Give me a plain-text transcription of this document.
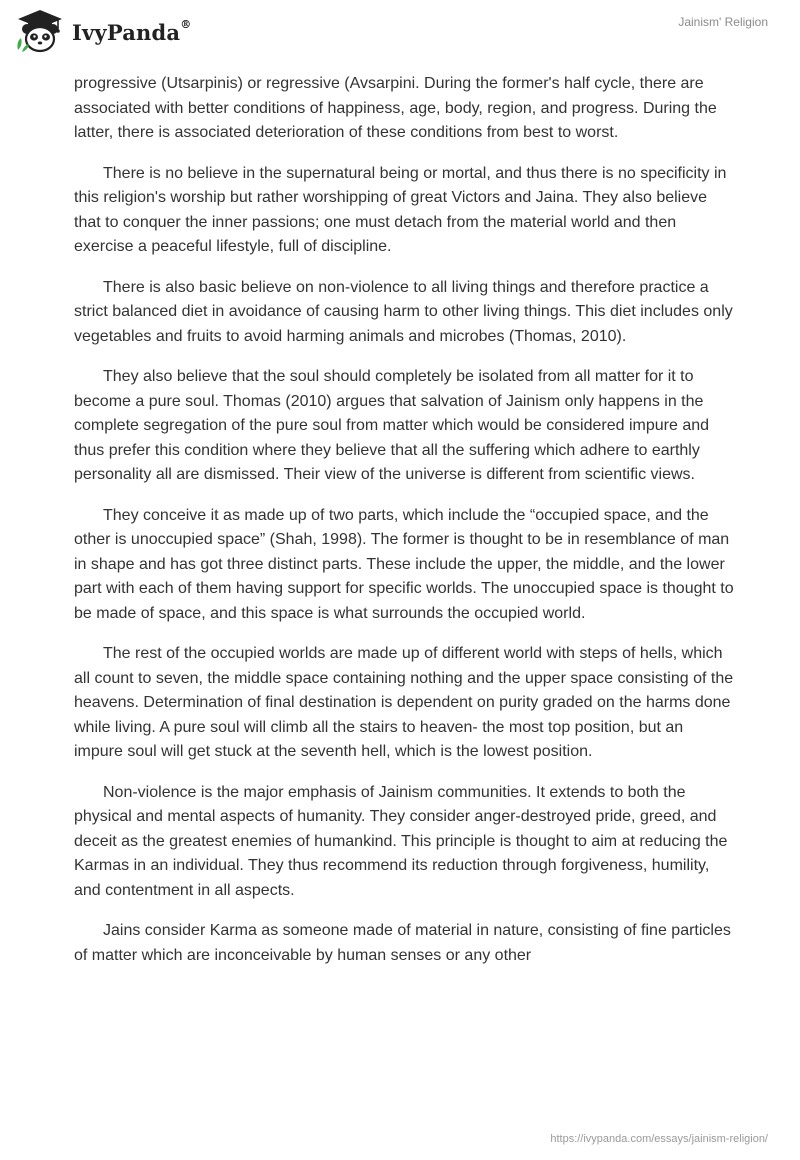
IvyPanda®	Jainism' Religion

progressive (Utsarpinis) or regressive (Avsarpini. During the former's half cycle, there are associated with better conditions of happiness, age, body, region, and progress. During the latter, there is associated deterioration of these conditions from best to worst.

There is no believe in the supernatural being or mortal, and thus there is no specificity in this religion's worship but rather worshipping of great Victors and Jaina. They also believe that to conquer the inner passions; one must detach from the material world and then exercise a peaceful lifestyle, full of discipline.

There is also basic believe on non-violence to all living things and therefore practice a strict balanced diet in avoidance of causing harm to other living things. This diet includes only vegetables and fruits to avoid harming animals and microbes (Thomas, 2010).

They also believe that the soul should completely be isolated from all matter for it to become a pure soul. Thomas (2010) argues that salvation of Jainism only happens in the complete segregation of the pure soul from matter which would be considered impure and thus prefer this condition where they believe that all the suffering which adhere to earthly personality all are dismissed. Their view of the universe is different from scientific views.

They conceive it as made up of two parts, which include the “occupied space, and the other is unoccupied space” (Shah, 1998). The former is thought to be in resemblance of man in shape and has got three distinct parts. These include the upper, the middle, and the lower part with each of them having support for specific worlds. The unoccupied space is thought to be made of space, and this space is what surrounds the occupied world.

The rest of the occupied worlds are made up of different world with steps of hells, which all count to seven, the middle space containing nothing and the upper space consisting of the heavens. Determination of final destination is dependent on purity graded on the harms done while living. A pure soul will climb all the stairs to heaven- the most top position, but an impure soul will get stuck at the seventh hell, which is the lowest position.

Non-violence is the major emphasis of Jainism communities. It extends to both the physical and mental aspects of humanity. They consider anger-destroyed pride, greed, and deceit as the greatest enemies of humankind. This principle is thought to aim at reducing the Karmas in an individual. They thus recommend its reduction through forgiveness, humility, and contentment in all aspects.

Jains consider Karma as someone made of material in nature, consisting of fine particles of matter which are inconceivable by human senses or any other

https://ivypanda.com/essays/jainism-religion/
